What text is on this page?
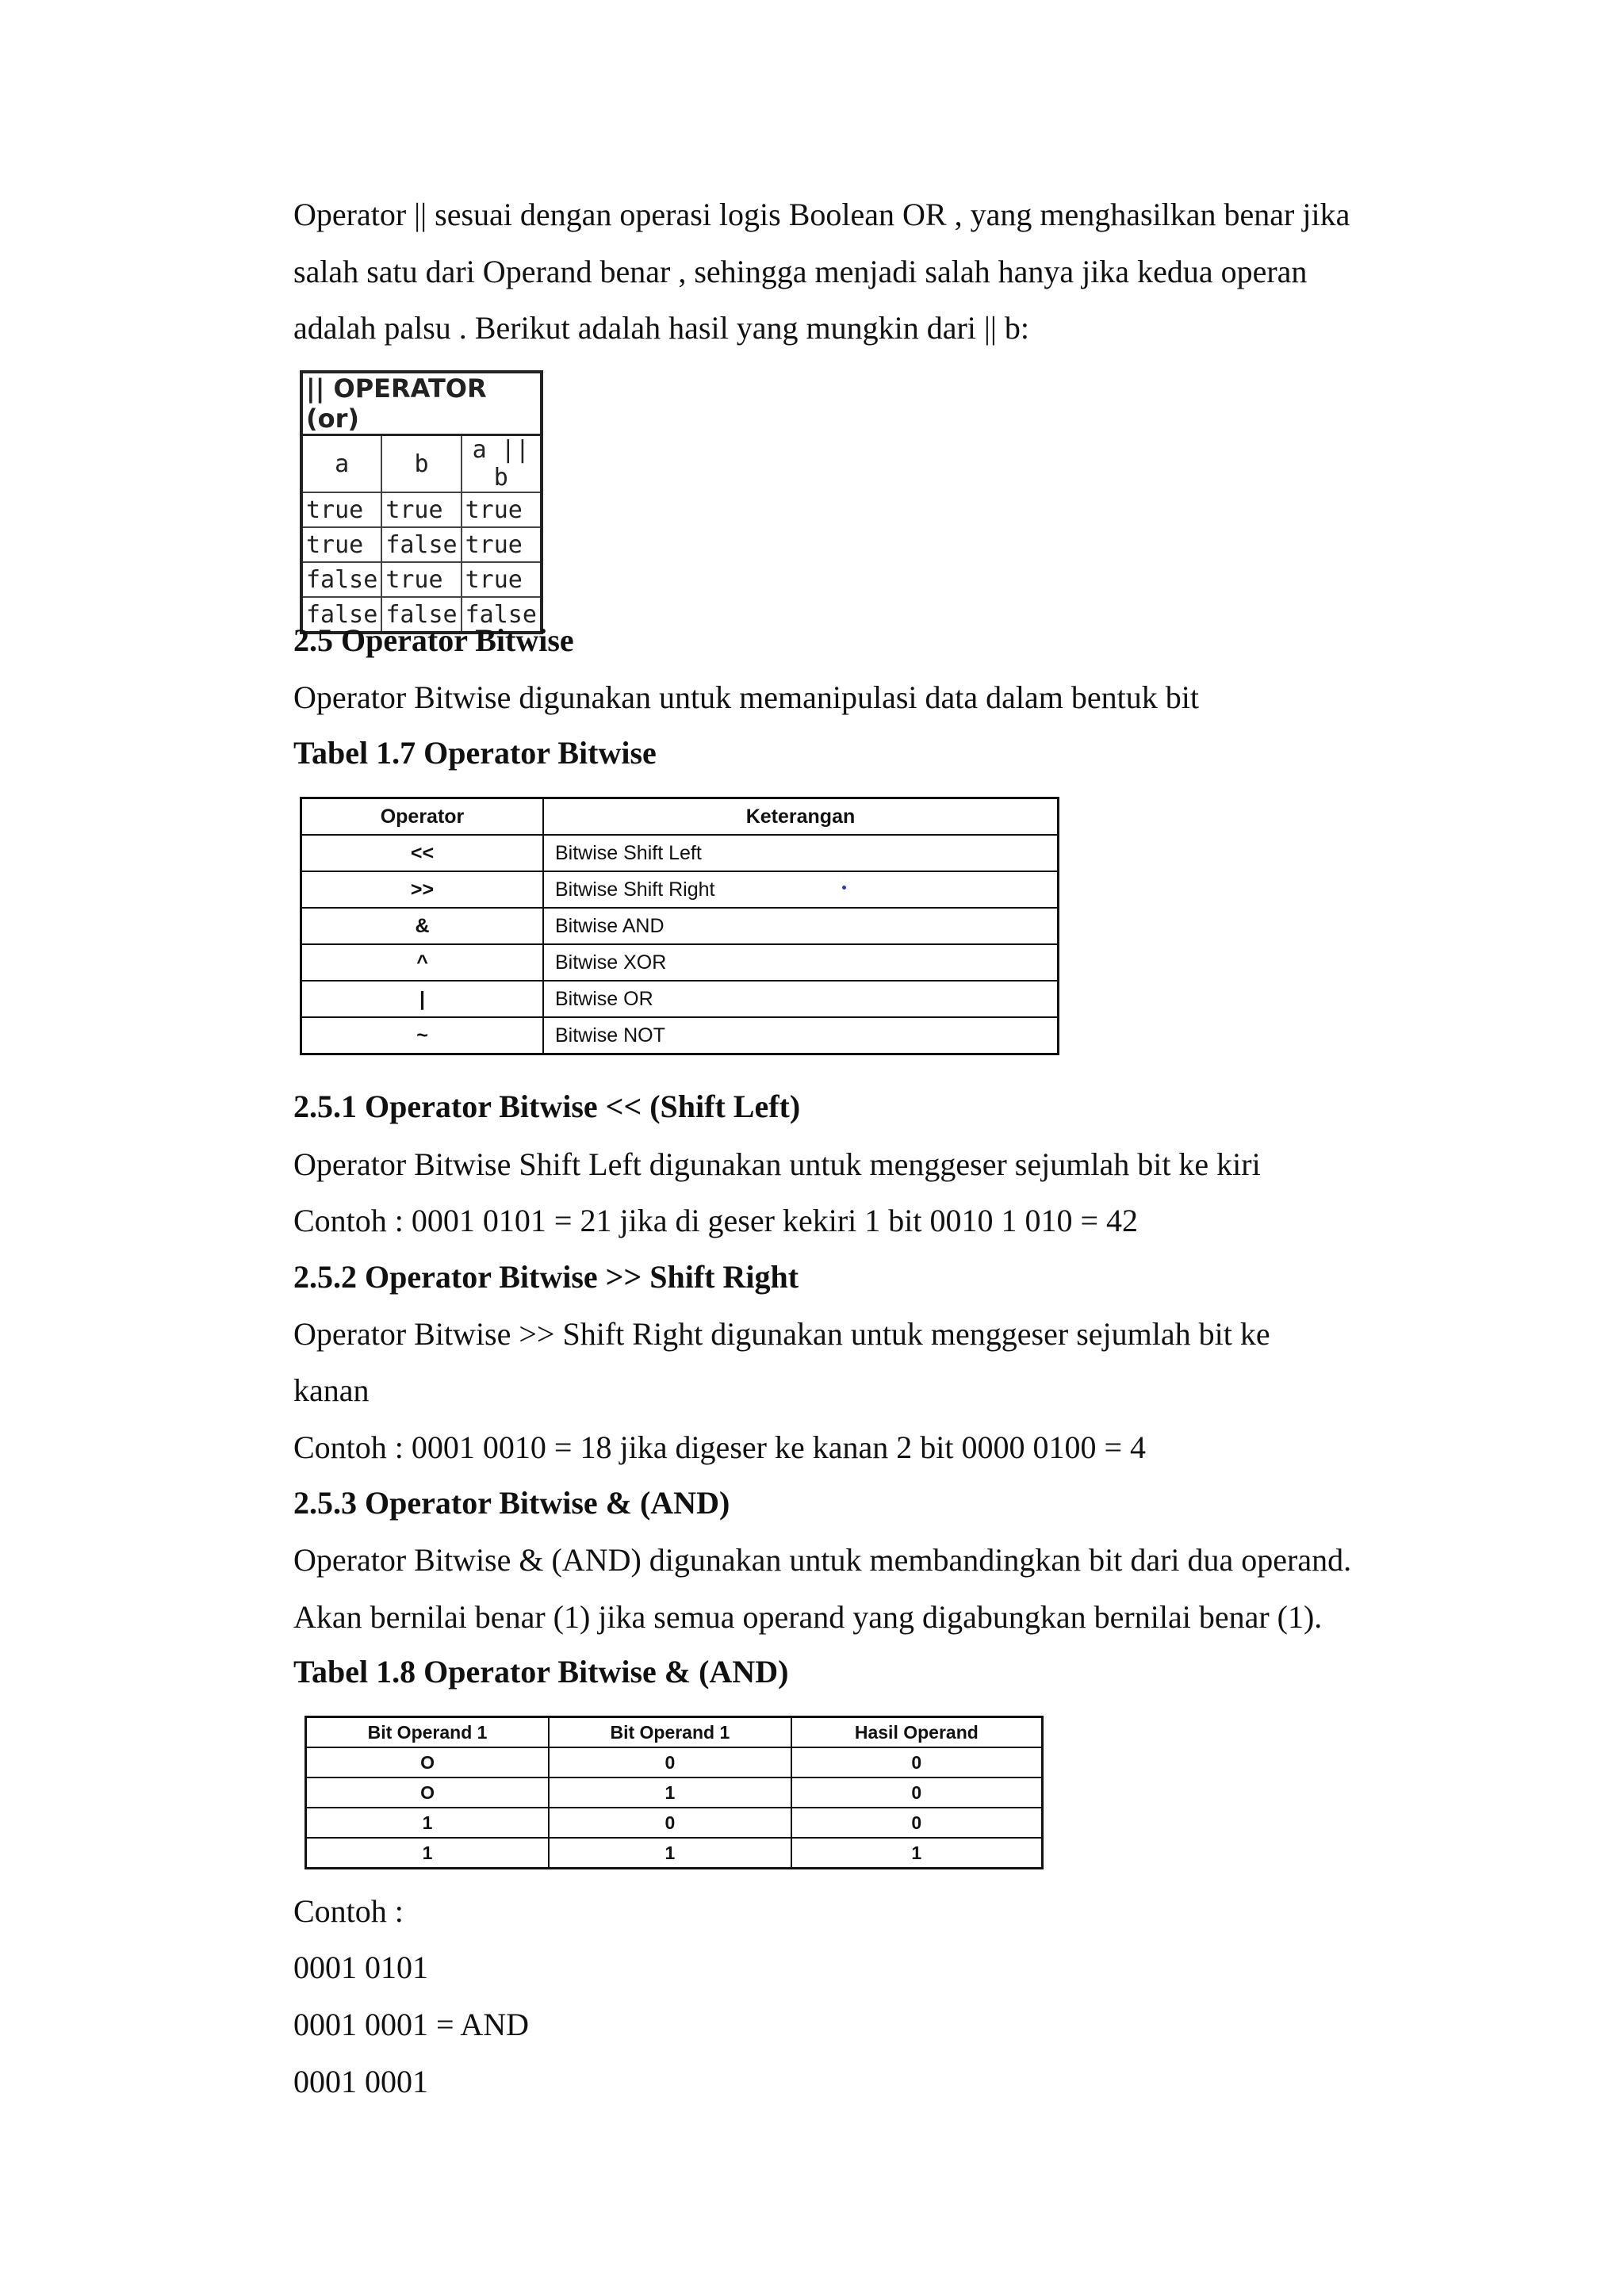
Operator || sesuai dengan operasi logis Boolean OR , yang menghasilkan benar jika
salah satu dari Operand benar , sehingga menjadi salah hanya jika kedua operan
adalah palsu . Berikut adalah hasil yang mungkin dari || b:
|| OPERATOR (or)		
a	b	a || b
true	true	true
true	false	true
false	true	true
false	false	false
2.5 Operator Bitwise
Operator Bitwise digunakan untuk memanipulasi data dalam bentuk bit
Tabel 1.7 Operator Bitwise
Operator	Keterangan
<<	Bitwise Shift Left
>>	Bitwise Shift Right
&	Bitwise AND
^	Bitwise XOR
|	Bitwise OR
~	Bitwise NOT
2.5.1 Operator Bitwise << (Shift Left)
Operator Bitwise Shift Left digunakan untuk menggeser sejumlah bit ke kiri
Contoh : 0001 0101 = 21 jika di geser kekiri 1 bit 0010 1 010 = 42
2.5.2 Operator Bitwise >> Shift Right
Operator Bitwise >> Shift Right digunakan untuk menggeser sejumlah bit ke
kanan
Contoh : 0001 0010 = 18 jika digeser ke kanan 2 bit 0000 0100 = 4
2.5.3 Operator Bitwise & (AND)
Operator Bitwise & (AND) digunakan untuk membandingkan bit dari dua operand.
Akan bernilai benar (1) jika semua operand yang digabungkan bernilai benar (1).
Tabel 1.8 Operator Bitwise & (AND)
Bit Operand 1	Bit Operand 1	Hasil Operand
O	0	0
O	1	0
1	0	0
1	1	1
Contoh :
0001 0101
0001 0001 = AND
0001 0001
